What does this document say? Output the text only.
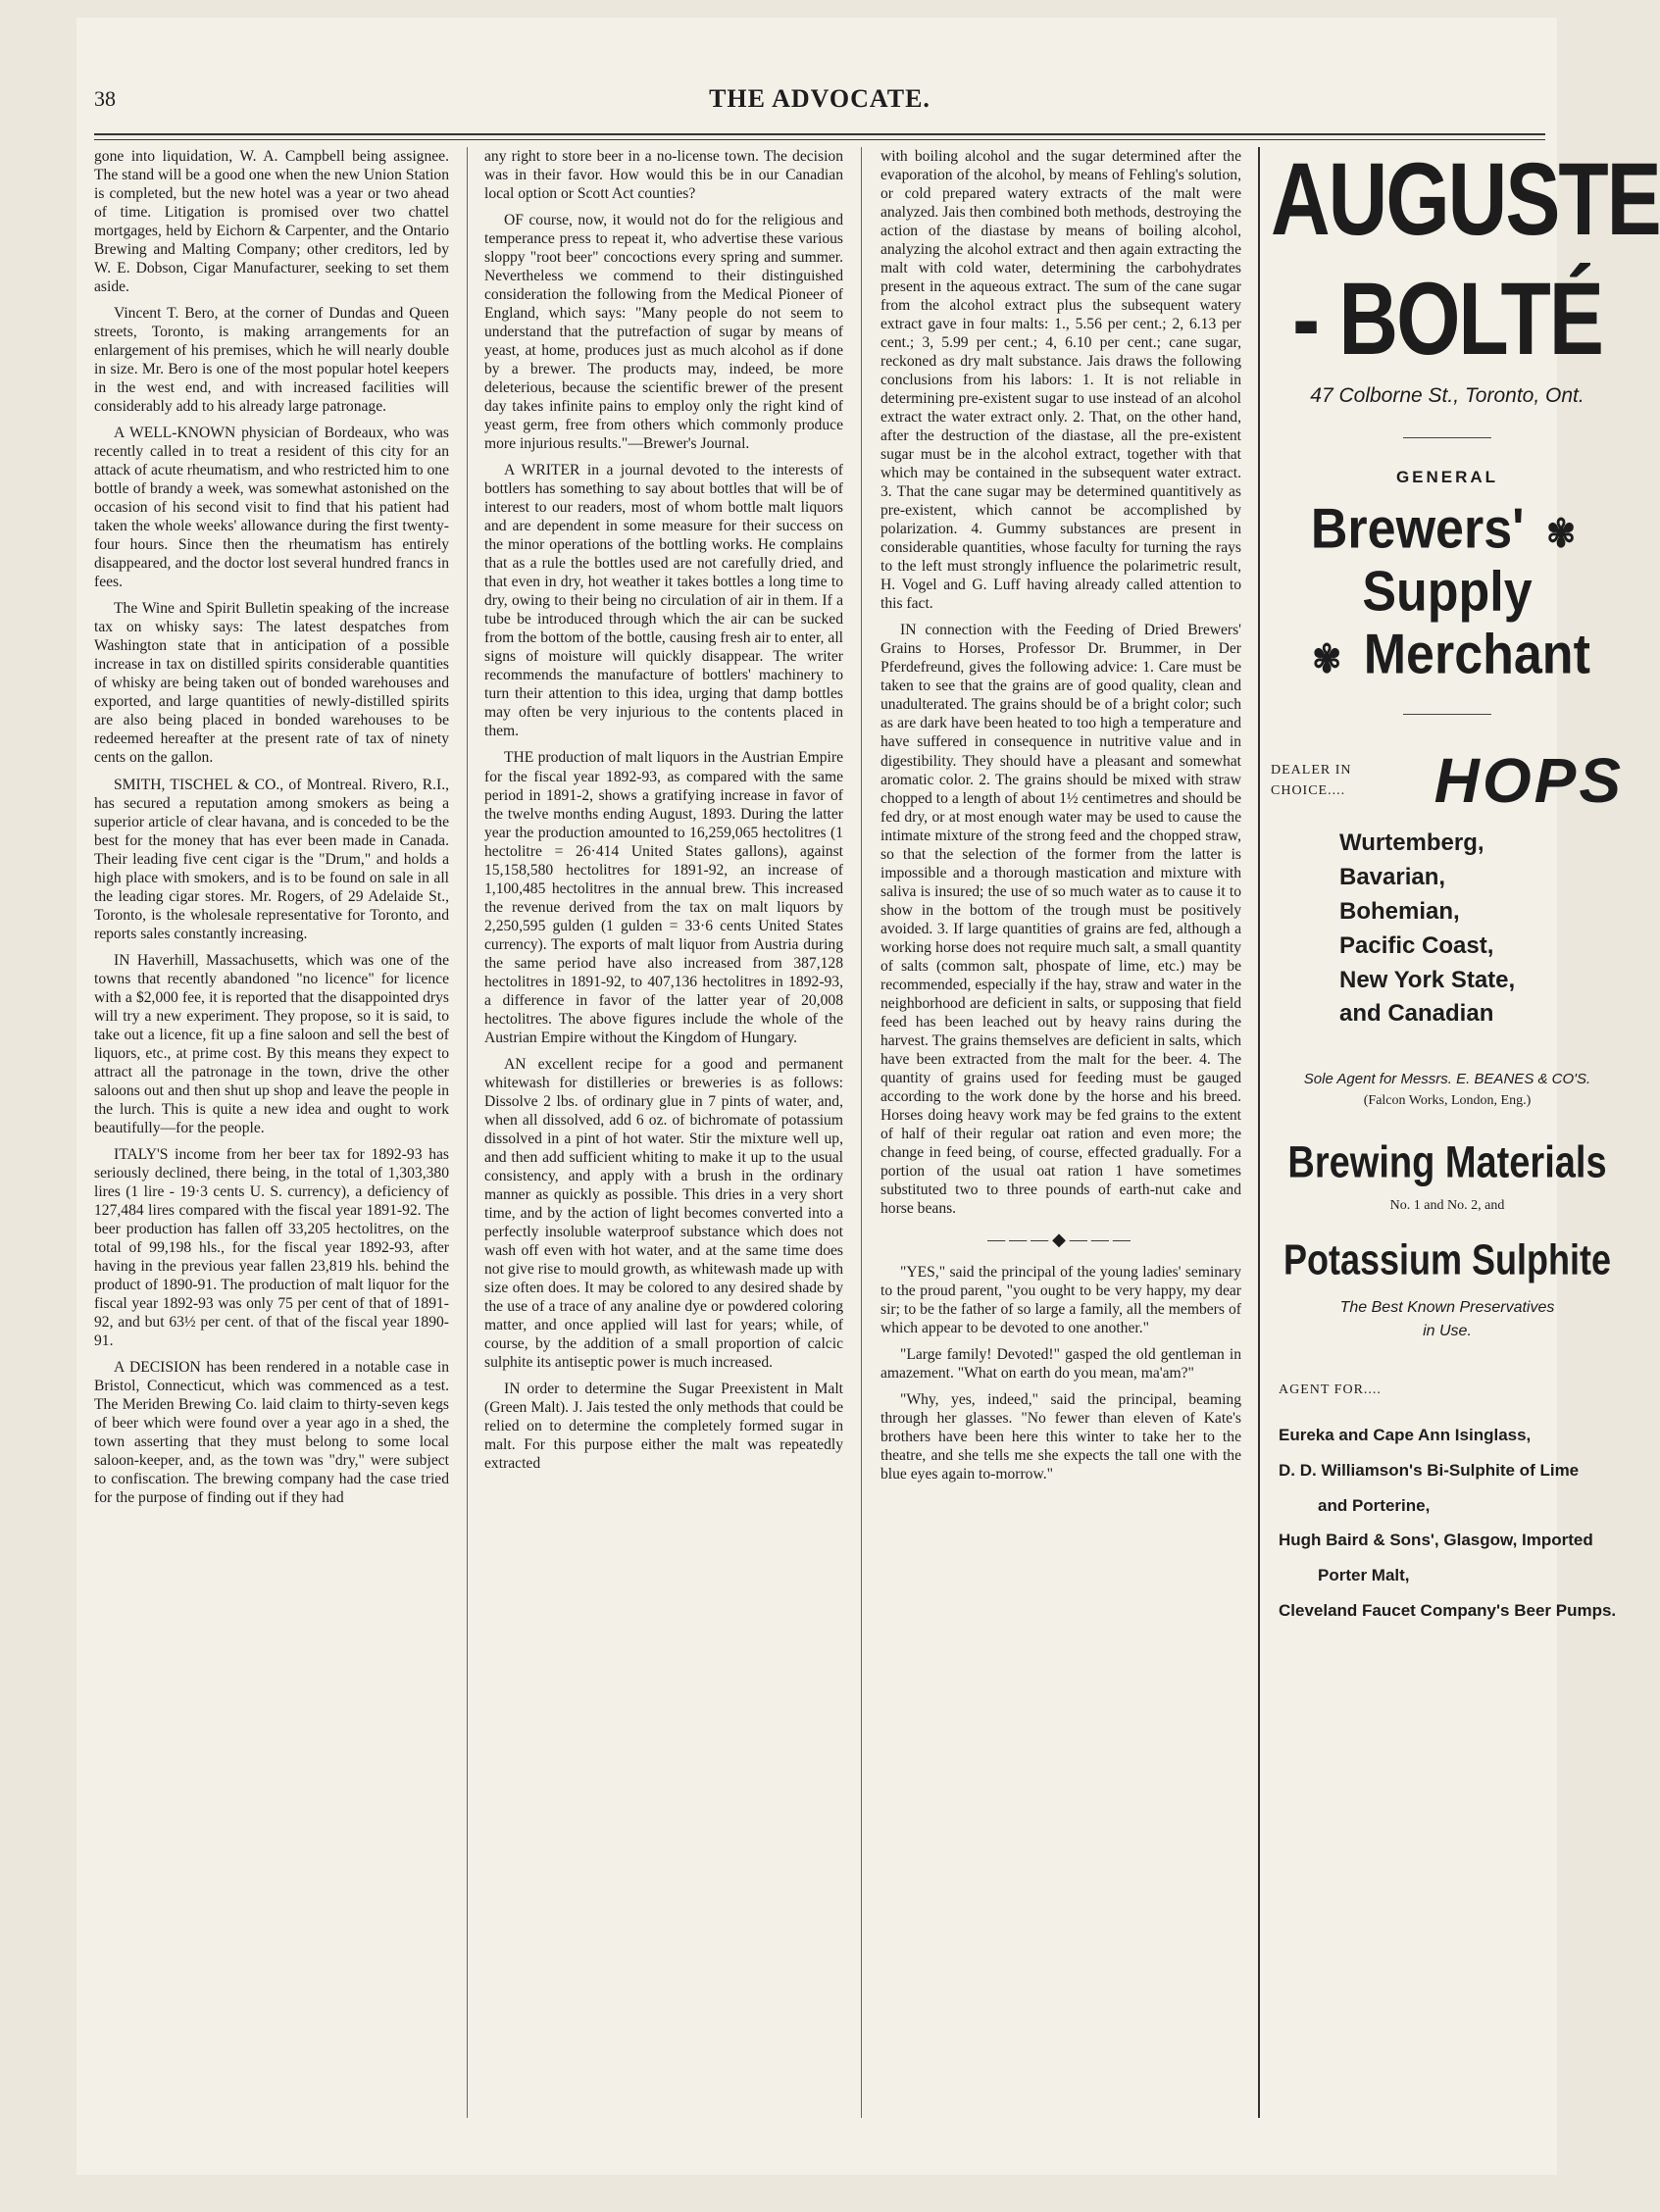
38	THE ADVOCATE.

gone into liquidation, W. A. Campbell being assignee. The stand will be a good one when the new Union Station is completed, but the new hotel was a year or two ahead of time. Litigation is promised over two chattel mortgages, held by Eichorn & Carpenter, and the Ontario Brewing and Malting Company; other creditors, led by W. E. Dobson, Cigar Manufacturer, seeking to set them aside.

Vincent T. Bero, at the corner of Dundas and Queen streets, Toronto, is making arrangements for an enlargement of his premises, which he will nearly double in size. Mr. Bero is one of the most popular hotel keepers in the west end, and with increased facilities will considerably add to his already large patronage.

A WELL-KNOWN physician of Bordeaux, who was recently called in to treat a resident of this city for an attack of acute rheumatism, and who restricted him to one bottle of brandy a week, was somewhat astonished on the occasion of his second visit to find that his patient had taken the whole weeks' allowance during the first twenty-four hours. Since then the rheumatism has entirely disappeared, and the doctor lost several hundred francs in fees.

The Wine and Spirit Bulletin speaking of the increase tax on whisky says: The latest despatches from Washington state that in anticipation of a possible increase in tax on distilled spirits considerable quantities of whisky are being taken out of bonded warehouses and exported, and large quantities of newly-distilled spirits are also being placed in bonded warehouses to be redeemed hereafter at the present rate of tax of ninety cents on the gallon.

SMITH, TISCHEL & CO., of Montreal. Rivero, R.I., has secured a reputation among smokers as being a superior article of clear havana, and is conceded to be the best for the money that has ever been made in Canada. Their leading five cent cigar is the "Drum," and holds a high place with smokers, and is to be found on sale in all the leading cigar stores. Mr. Rogers, of 29 Adelaide St., Toronto, is the wholesale representative for Toronto, and reports sales constantly increasing.

IN Haverhill, Massachusetts, which was one of the towns that recently abandoned "no licence" for licence with a $2,000 fee, it is reported that the disappointed drys will try a new experiment. They propose, so it is said, to take out a licence, fit up a fine saloon and sell the best of liquors, etc., at prime cost. By this means they expect to attract all the patronage in the town, drive the other saloons out and then shut up shop and leave the people in the lurch. This is quite a new idea and ought to work beautifully—for the people.

ITALY'S income from her beer tax for 1892-93 has seriously declined, there being, in the total of 1,303,380 lires (1 lire - 19·3 cents U. S. currency), a deficiency of 127,484 lires compared with the fiscal year 1891-92. The beer production has fallen off 33,205 hectolitres, on the total of 99,198 hls., for the fiscal year 1892-93, after having in the previous year fallen 23,819 hls. behind the product of 1890-91. The production of malt liquor for the fiscal year 1892-93 was only 75 per cent of that of 1891-92, and but 63½ per cent. of that of the fiscal year 1890-91.

A DECISION has been rendered in a notable case in Bristol, Connecticut, which was commenced as a test. The Meriden Brewing Co. laid claim to thirty-seven kegs of beer which were found over a year ago in a shed, the town asserting that they must belong to some local saloon-keeper, and, as the town was "dry," were subject to confiscation. The brewing company had the case tried for the purpose of finding out if they had

any right to store beer in a no-license town. The decision was in their favor. How would this be in our Canadian local option or Scott Act counties?

OF course, now, it would not do for the religious and temperance press to repeat it, who advertise these various sloppy "root beer" concoctions every spring and summer. Nevertheless we commend to their distinguished consideration the following from the Medical Pioneer of England, which says: "Many people do not seem to understand that the putrefaction of sugar by means of yeast, at home, produces just as much alcohol as if done by a brewer. The products may, indeed, be more deleterious, because the scientific brewer of the present day takes infinite pains to employ only the right kind of yeast germ, free from others which commonly produce more injurious results."—Brewer's Journal.

A WRITER in a journal devoted to the interests of bottlers has something to say about bottles that will be of interest to our readers, most of whom bottle malt liquors and are dependent in some measure for their success on the minor operations of the bottling works. He complains that as a rule the bottles used are not carefully dried, and that even in dry, hot weather it takes bottles a long time to dry, owing to their being no circulation of air in them. If a tube be introduced through which the air can be sucked from the bottom of the bottle, causing fresh air to enter, all signs of moisture will quickly disappear. The writer recommends the manufacture of bottlers' machinery to turn their attention to this idea, urging that damp bottles may often be very injurious to the contents placed in them.

THE production of malt liquors in the Austrian Empire for the fiscal year 1892-93, as compared with the same period in 1891-2, shows a gratifying increase in favor of the twelve months ending August, 1893. During the latter year the production amounted to 16,259,065 hectolitres (1 hectolitre = 26·414 United States gallons), against 15,158,580 hectolitres for 1891-92, an increase of 1,100,485 hectolitres in the annual brew. This increased the revenue derived from the tax on malt liquors by 2,250,595 gulden (1 gulden = 33·6 cents United States currency). The exports of malt liquor from Austria during the same period have also increased from 387,128 hectolitres in 1891-92, to 407,136 hectolitres in 1892-93, a difference in favor of the latter year of 20,008 hectolitres. The above figures include the whole of the Austrian Empire without the Kingdom of Hungary.

AN excellent recipe for a good and permanent whitewash for distilleries or breweries is as follows: Dissolve 2 lbs. of ordinary glue in 7 pints of water, and, when all dissolved, add 6 oz. of bichromate of potassium dissolved in a pint of hot water. Stir the mixture well up, and then add sufficient whiting to make it up to the usual consistency, and apply with a brush in the ordinary manner as quickly as possible. This dries in a very short time, and by the action of light becomes converted into a perfectly insoluble waterproof substance which does not wash off even with hot water, and at the same time does not give rise to mould growth, as whitewash made up with size often does. It may be colored to any desired shade by the use of a trace of any analine dye or powdered coloring matter, and once applied will last for years; while, of course, by the addition of a small proportion of calcic sulphite its antiseptic power is much increased.

IN order to determine the Sugar Preexistent in Malt (Green Malt). J. Jais tested the only methods that could be relied on to determine the completely formed sugar in malt. For this purpose either the malt was repeatedly extracted

with boiling alcohol and the sugar determined after the evaporation of the alcohol, by means of Fehling's solution, or cold prepared watery extracts of the malt were analyzed. Jais then combined both methods, destroying the action of the diastase by means of boiling alcohol, analyzing the alcohol extract and then again extracting the malt with cold water, determining the carbohydrates present in the aqueous extract. The sum of the cane sugar from the alcohol extract plus the subsequent watery extract gave in four malts: 1., 5.56 per cent.; 2, 6.13 per cent.; 3, 5.99 per cent.; 4, 6.10 per cent.; cane sugar, reckoned as dry malt substance. Jais draws the following conclusions from his labors: 1. It is not reliable in determining pre-existent sugar to use instead of an alcohol extract the water extract only. 2. That, on the other hand, after the destruction of the diastase, all the pre-existent sugar must be in the alcohol extract, together with that which may be contained in the subsequent water extract. 3. That the cane sugar may be determined quantitively as pre-existent, which cannot be accomplished by polarization. 4. Gummy substances are present in considerable quantities, whose faculty for turning the rays to the left must strongly influence the polarimetric result, H. Vogel and G. Luff having already called attention to this fact.

IN connection with the Feeding of Dried Brewers' Grains to Horses, Professor Dr. Brummer, in Der Pferdefreund, gives the following advice: 1. Care must be taken to see that the grains are of good quality, clean and unadulterated. The grains should be of a bright color; such as are dark have been heated to too high a temperature and have suffered in consequence in nutritive value and in digestibility. They should have a pleasant and somewhat aromatic color. 2. The grains should be mixed with straw chopped to a length of about 1½ centimetres and should be fed dry, or at most enough water may be used to cause the intimate mixture of the strong feed and the chopped straw, so that the selection of the former from the latter is impossible and a thorough mastication and mixture with saliva is insured; the use of so much water as to cause it to show in the bottom of the trough must be positively avoided. 3. If large quantities of grains are fed, although a working horse does not require much salt, a small quantity of salts (common salt, phospate of lime, etc.) may be recommended, especially if the hay, straw and water in the neighborhood are deficient in salts, or supposing that field feed has been leached out by heavy rains during the harvest. The grains themselves are deficient in salts, which have been extracted from the malt for the beer. 4. The quantity of grains used for feeding must be gauged according to the work done by the horse and his breed. Horses doing heavy work may be fed grains to the extent of half of their regular oat ration and even more; the change in feed being, of course, effected gradually. For a portion of the usual oat ration 1 have sometimes substituted two to three pounds of earth-nut cake and horse beans.

———◆———

"YES," said the principal of the young ladies' seminary to the proud parent, "you ought to be very happy, my dear sir; to be the father of so large a family, all the members of which appear to be devoted to one another."

"Large family! Devoted!" gasped the old gentleman in amazement. "What on earth do you mean, ma'am?"

"Why, yes, indeed," said the principal, beaming through her glasses. "No fewer than eleven of Kate's brothers have been here this winter to take her to the theatre, and she tells me she expects the tall one with the blue eyes again to-morrow."

AUGUSTE
- BOLTÉ
47 Colborne St., Toronto, Ont.
GENERAL
Brewers' ✾
Supply
✾ Merchant
DEALER IN
CHOICE.... HOPS
Wurtemberg,
Bavarian,
Bohemian,
Pacific Coast,
New York State,
and Canadian
Sole Agent for Messrs. E. BEANES & CO'S.
(Falcon Works, London, Eng.)
Brewing Materials
No. 1 and No. 2, and
Potassium Sulphite
The Best Known Preservatives
in Use.
AGENT FOR....
Eureka and Cape Ann Isinglass,
D. D. Williamson's Bi-Sulphite of Lime
and Porterine,
Hugh Baird & Sons', Glasgow, Imported
Porter Malt,
Cleveland Faucet Company's Beer Pumps.
